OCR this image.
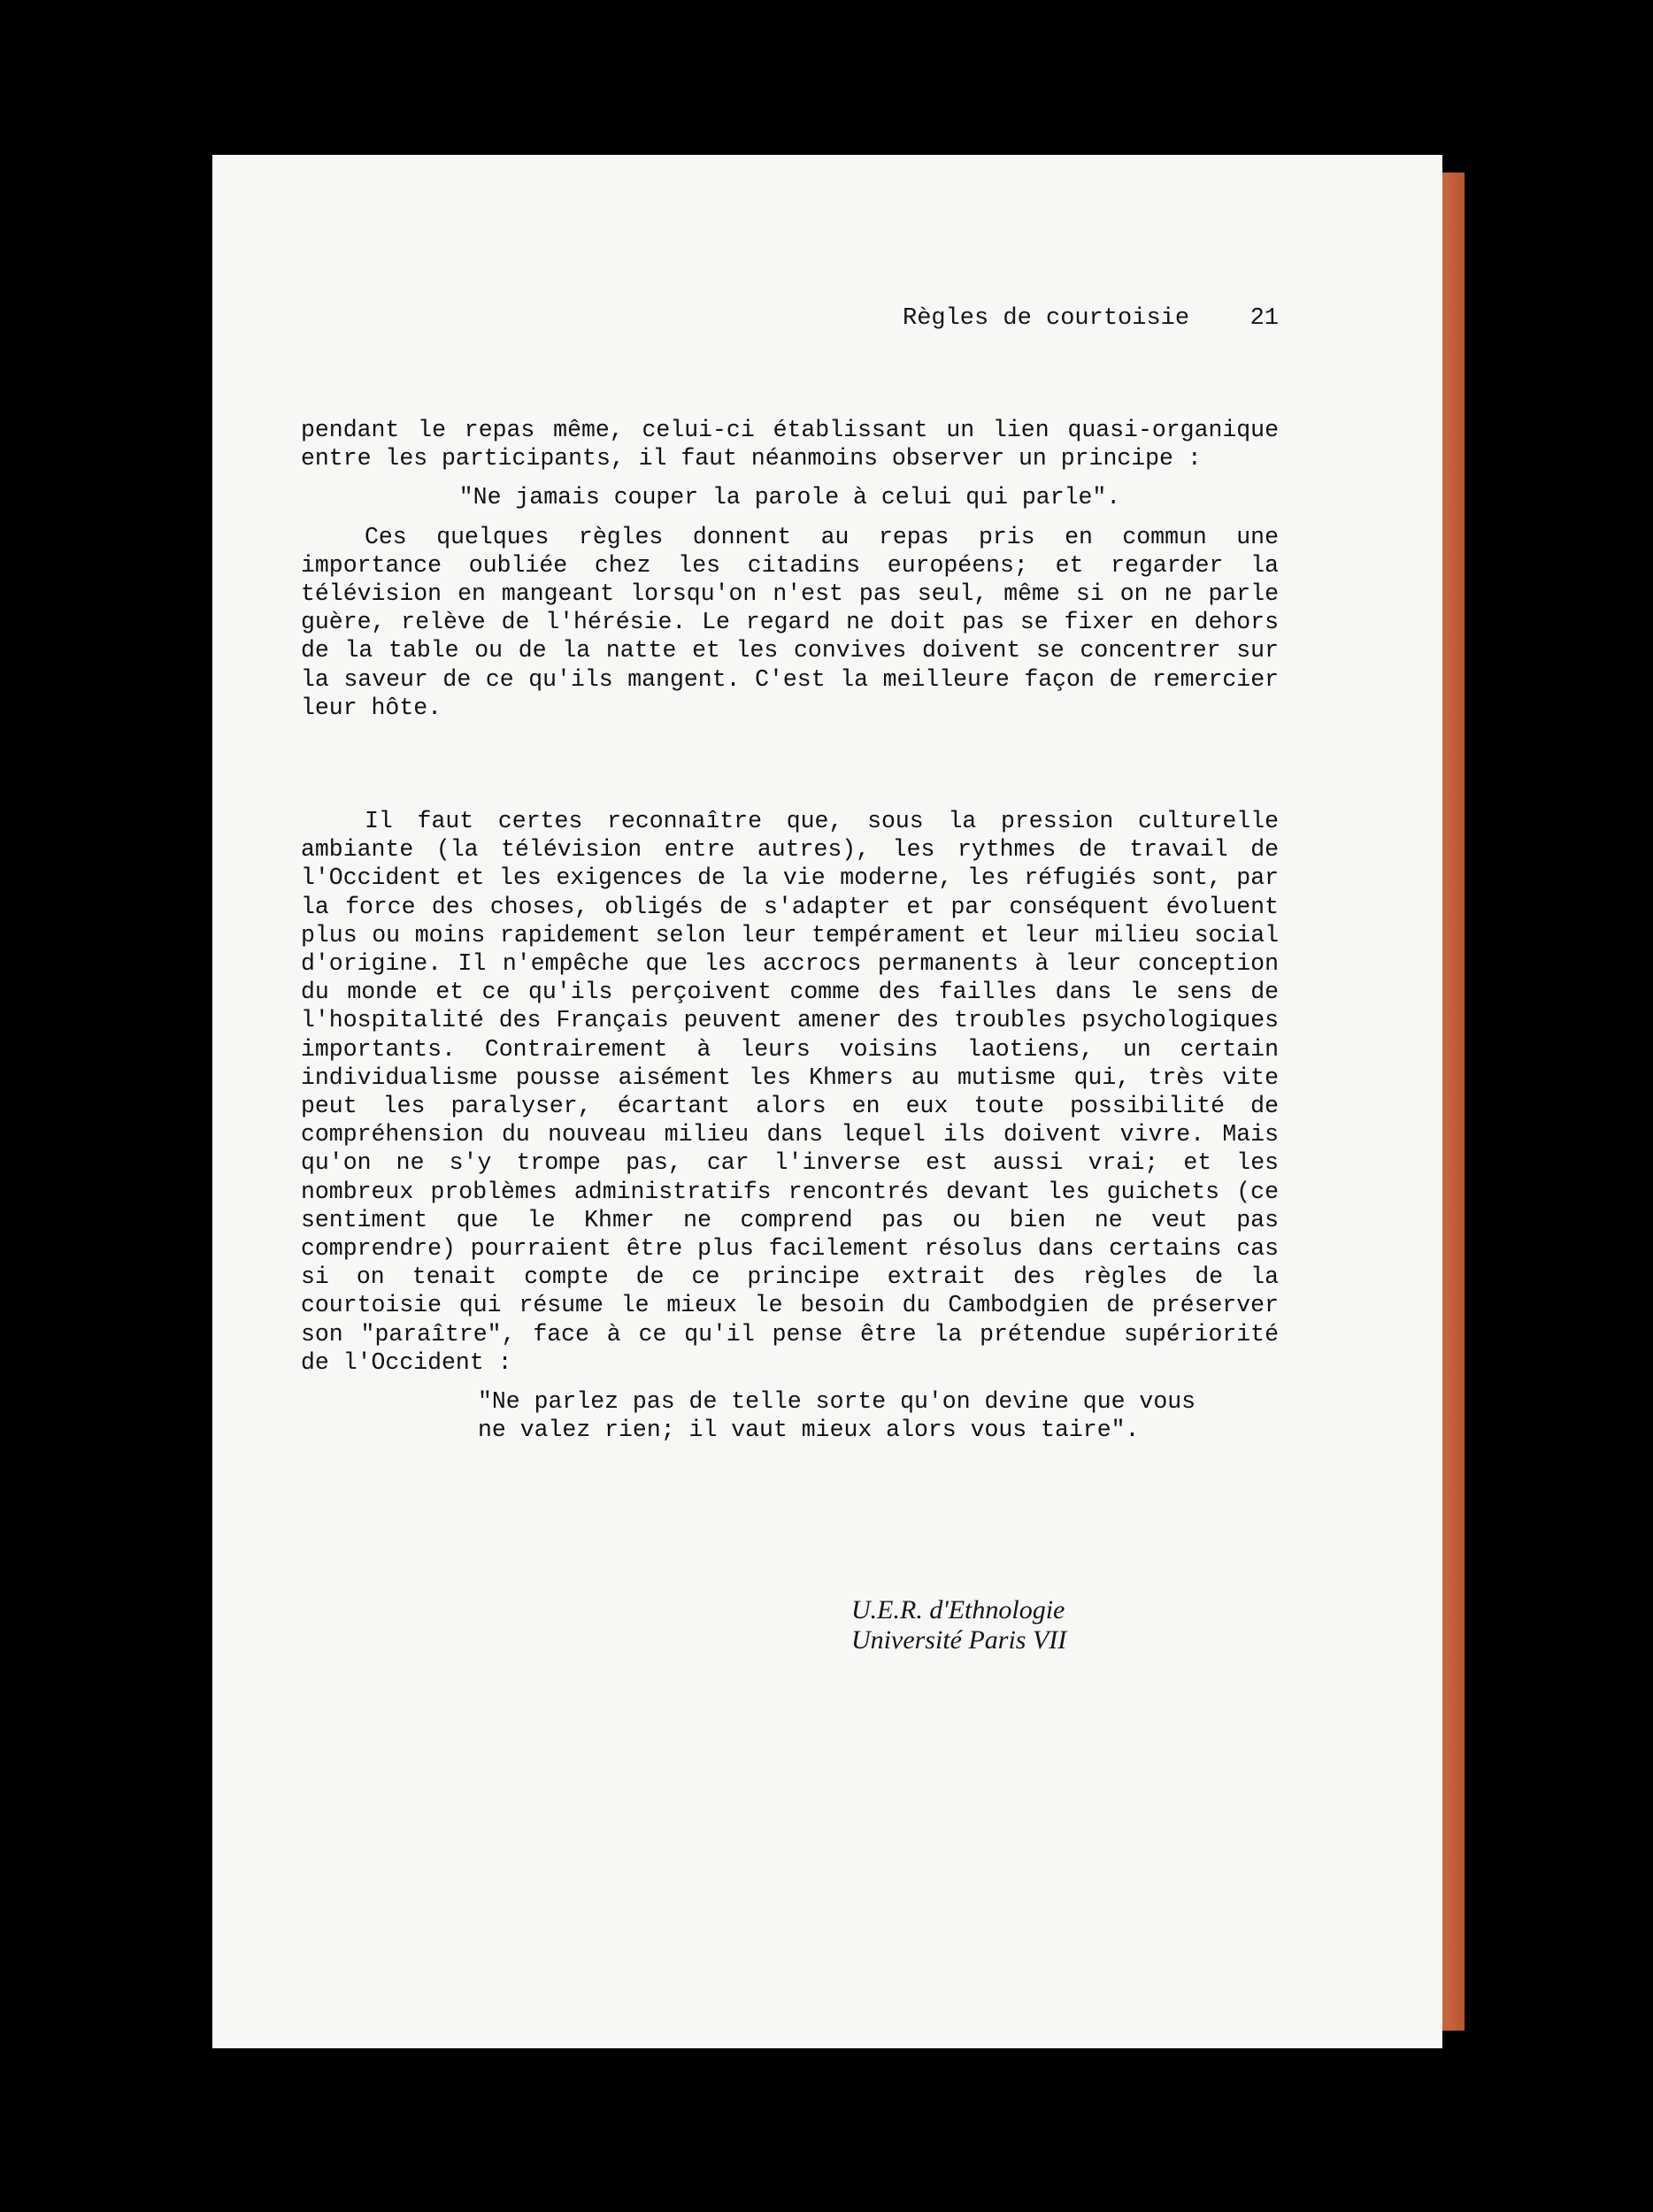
Règles de courtoisie	21

pendant le repas même, celui-ci établissant un lien quasi-organique entre les participants, il faut néanmoins observer un principe :

"Ne jamais couper la parole à celui qui parle".

Ces quelques règles donnent au repas pris en commun une importance oubliée chez les citadins européens; et regarder la télévision en mangeant lorsqu'on n'est pas seul, même si on ne parle guère, relève de l'hérésie. Le regard ne doit pas se fixer en dehors de la table ou de la natte et les convives doivent se concentrer sur la saveur de ce qu'ils mangent. C'est la meilleure façon de remercier leur hôte.

Il faut certes reconnaître que, sous la pression culturelle ambiante (la télévision entre autres), les rythmes de travail de l'Occident et les exigences de la vie moderne, les réfugiés sont, par la force des choses, obligés de s'adapter et par conséquent évoluent plus ou moins rapidement selon leur tempérament et leur milieu social d'origine. Il n'empêche que les accrocs permanents à leur conception du monde et ce qu'ils perçoivent comme des failles dans le sens de l'hospitalité des Français peuvent amener des troubles psychologiques importants. Contrairement à leurs voisins laotiens, un certain individualisme pousse aisément les Khmers au mutisme qui, très vite peut les paralyser, écartant alors en eux toute possibilité de compréhension du nouveau milieu dans lequel ils doivent vivre. Mais qu'on ne s'y trompe pas, car l'inverse est aussi vrai; et les nombreux problèmes administratifs rencontrés devant les guichets (ce sentiment que le Khmer ne comprend pas ou bien ne veut pas comprendre) pourraient être plus facilement résolus dans certains cas si on tenait compte de ce principe extrait des règles de la courtoisie qui résume le mieux le besoin du Cambodgien de préserver son "paraître", face à ce qu'il pense être la prétendue supériorité de l'Occident :

"Ne parlez pas de telle sorte qu'on devine que vous ne valez rien; il vaut mieux alors vous taire".

U.E.R. d'Ethnologie
Université Paris VII
